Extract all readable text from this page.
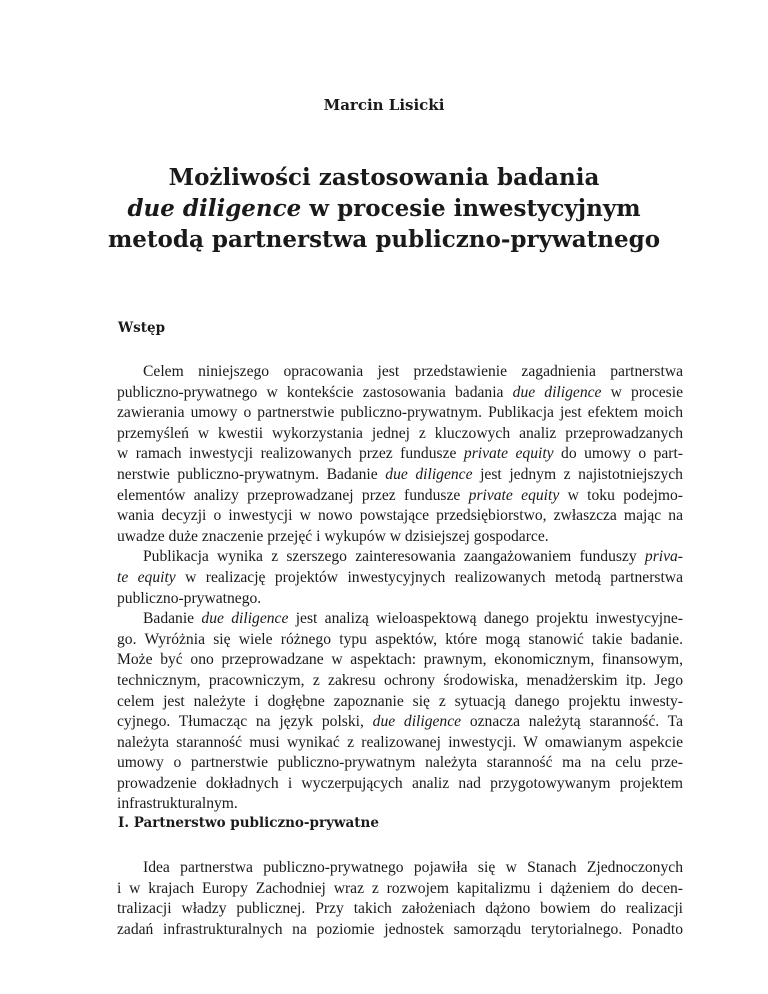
Marcin Lisicki
Możliwości zastosowania badania
due diligence w procesie inwestycyjnym
metodą partnerstwa publiczno-prywatnego
Wstęp
Celem niniejszego opracowania jest przedstawienie zagadnienia partnerstwa
publiczno-prywatnego w kontekście zastosowania badania due diligence w procesie
zawierania umowy o partnerstwie publiczno-prywatnym. Publikacja jest efektem moich
przemyśleń w kwestii wykorzystania jednej z kluczowych analiz przeprowadzanych
w ramach inwestycji realizowanych przez fundusze private equity do umowy o part-
nerstwie publiczno-prywatnym. Badanie due diligence jest jednym z najistotniejszych
elementów analizy przeprowadzanej przez fundusze private equity w toku podejmo-
wania decyzji o inwestycji w nowo powstające przedsiębiorstwo, zwłaszcza mając na
uwadze duże znaczenie przejęć i wykupów w dzisiejszej gospodarce.
Publikacja wynika z szerszego zainteresowania zaangażowaniem funduszy priva-
te equity w realizację projektów inwestycyjnych realizowanych metodą partnerstwa
publiczno-prywatnego.
Badanie due diligence jest analizą wieloaspektową danego projektu inwestycyjne-
go. Wyróżnia się wiele różnego typu aspektów, które mogą stanowić takie badanie.
Może być ono przeprowadzane w aspektach: prawnym, ekonomicznym, finansowym,
technicznym, pracowniczym, z zakresu ochrony środowiska, menadżerskim itp. Jego
celem jest należyte i dogłębne zapoznanie się z sytuacją danego projektu inwesty-
cyjnego. Tłumacząc na język polski, due diligence oznacza należytą staranność. Ta
należyta staranność musi wynikać z realizowanej inwestycji. W omawianym aspekcie
umowy o partnerstwie publiczno-prywatnym należyta staranność ma na celu prze-
prowadzenie dokładnych i wyczerpujących analiz nad przygotowywanym projektem
infrastrukturalnym.
I. Partnerstwo publiczno-prywatne
Idea partnerstwa publiczno-prywatnego pojawiła się w Stanach Zjednoczonych
i w krajach Europy Zachodniej wraz z rozwojem kapitalizmu i dążeniem do decen-
tralizacji władzy publicznej. Przy takich założeniach dążono bowiem do realizacji
zadań infrastrukturalnych na poziomie jednostek samorządu terytorialnego. Ponadto
